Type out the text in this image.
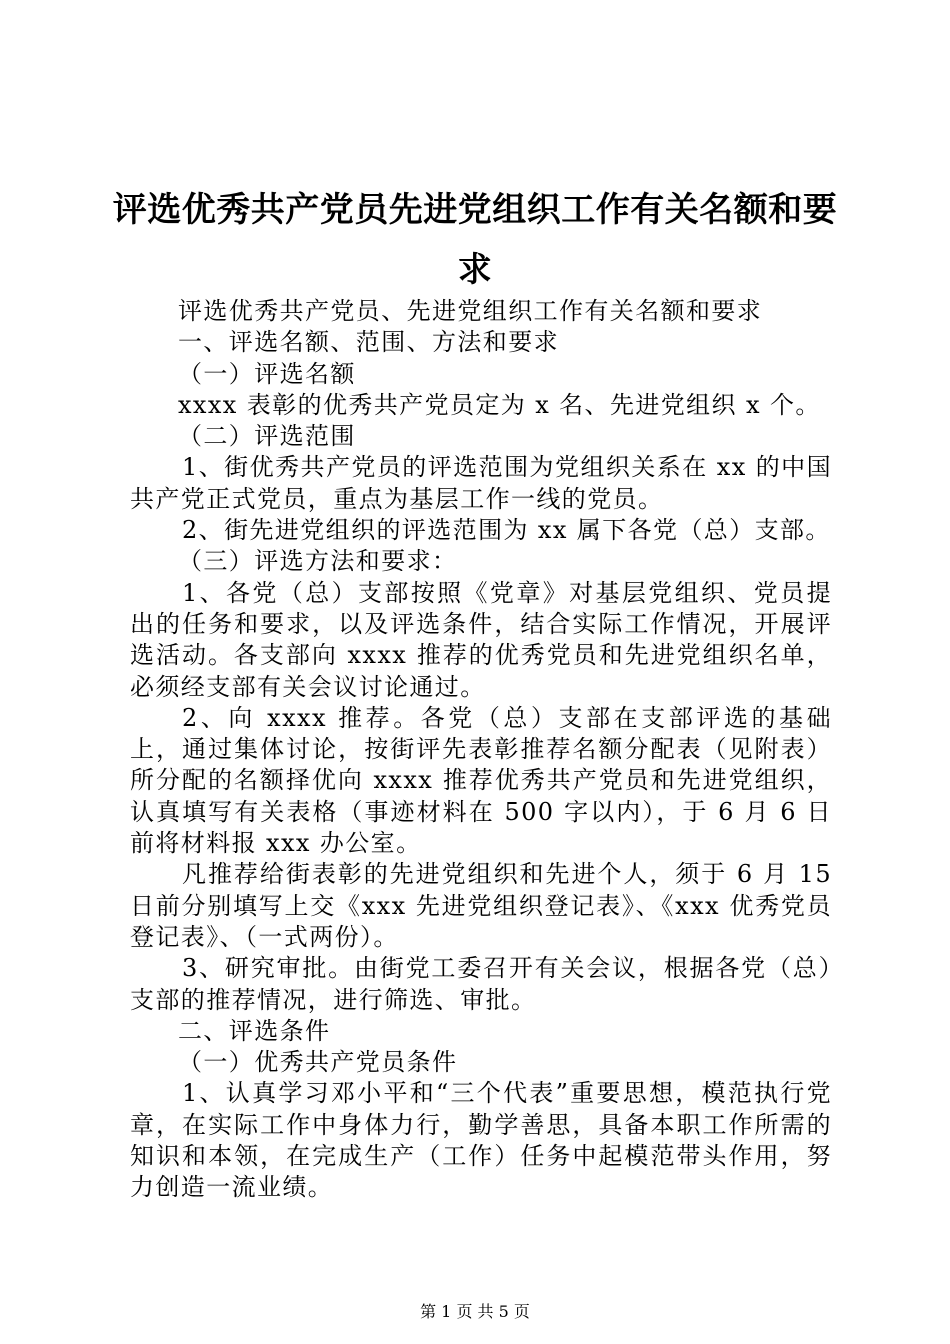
评选优秀共产党员先进党组织工作有关名额和要求

评选优秀共产党员、先进党组织工作有关名额和要求

一、评选名额、范围、方法和要求

（一）评选名额

xxxx 表彰的优秀共产党员定为 x 名、先进党组织 x 个。

（二）评选范围

1、街优秀共产党员的评选范围为党组织关系在 xx 的中国共产党正式党员，重点为基层工作一线的党员。

2、街先进党组织的评选范围为 xx 属下各党（总）支部。

（三）评选方法和要求：

1、各党（总）支部按照《党章》对基层党组织、党员提出的任务和要求，以及评选条件，结合实际工作情况，开展评选活动。各支部向 xxxx 推荐的优秀党员和先进党组织名单，必须经支部有关会议讨论通过。

2、向 xxxx 推荐。各党（总）支部在支部评选的基础上，通过集体讨论，按街评先表彰推荐名额分配表（见附表）所分配的名额择优向 xxxx 推荐优秀共产党员和先进党组织，认真填写有关表格（事迹材料在 500 字以内），于 6 月 6 日前将材料报 xxx 办公室。

凡推荐给街表彰的先进党组织和先进个人，须于 6 月 15 日前分别填写上交《xxx 先进党组织登记表》、《xxx 优秀党员登记表》、（一式两份）。

3、研究审批。由街党工委召开有关会议，根据各党（总）支部的推荐情况，进行筛选、审批。

二、评选条件

（一）优秀共产党员条件

1、认真学习邓小平和“三个代表”重要思想，模范执行党章，在实际工作中身体力行，勤学善思，具备本职工作所需的知识和本领，在完成生产（工作）任务中起模范带头作用，努力创造一流业绩。

第 1 页 共 5 页
